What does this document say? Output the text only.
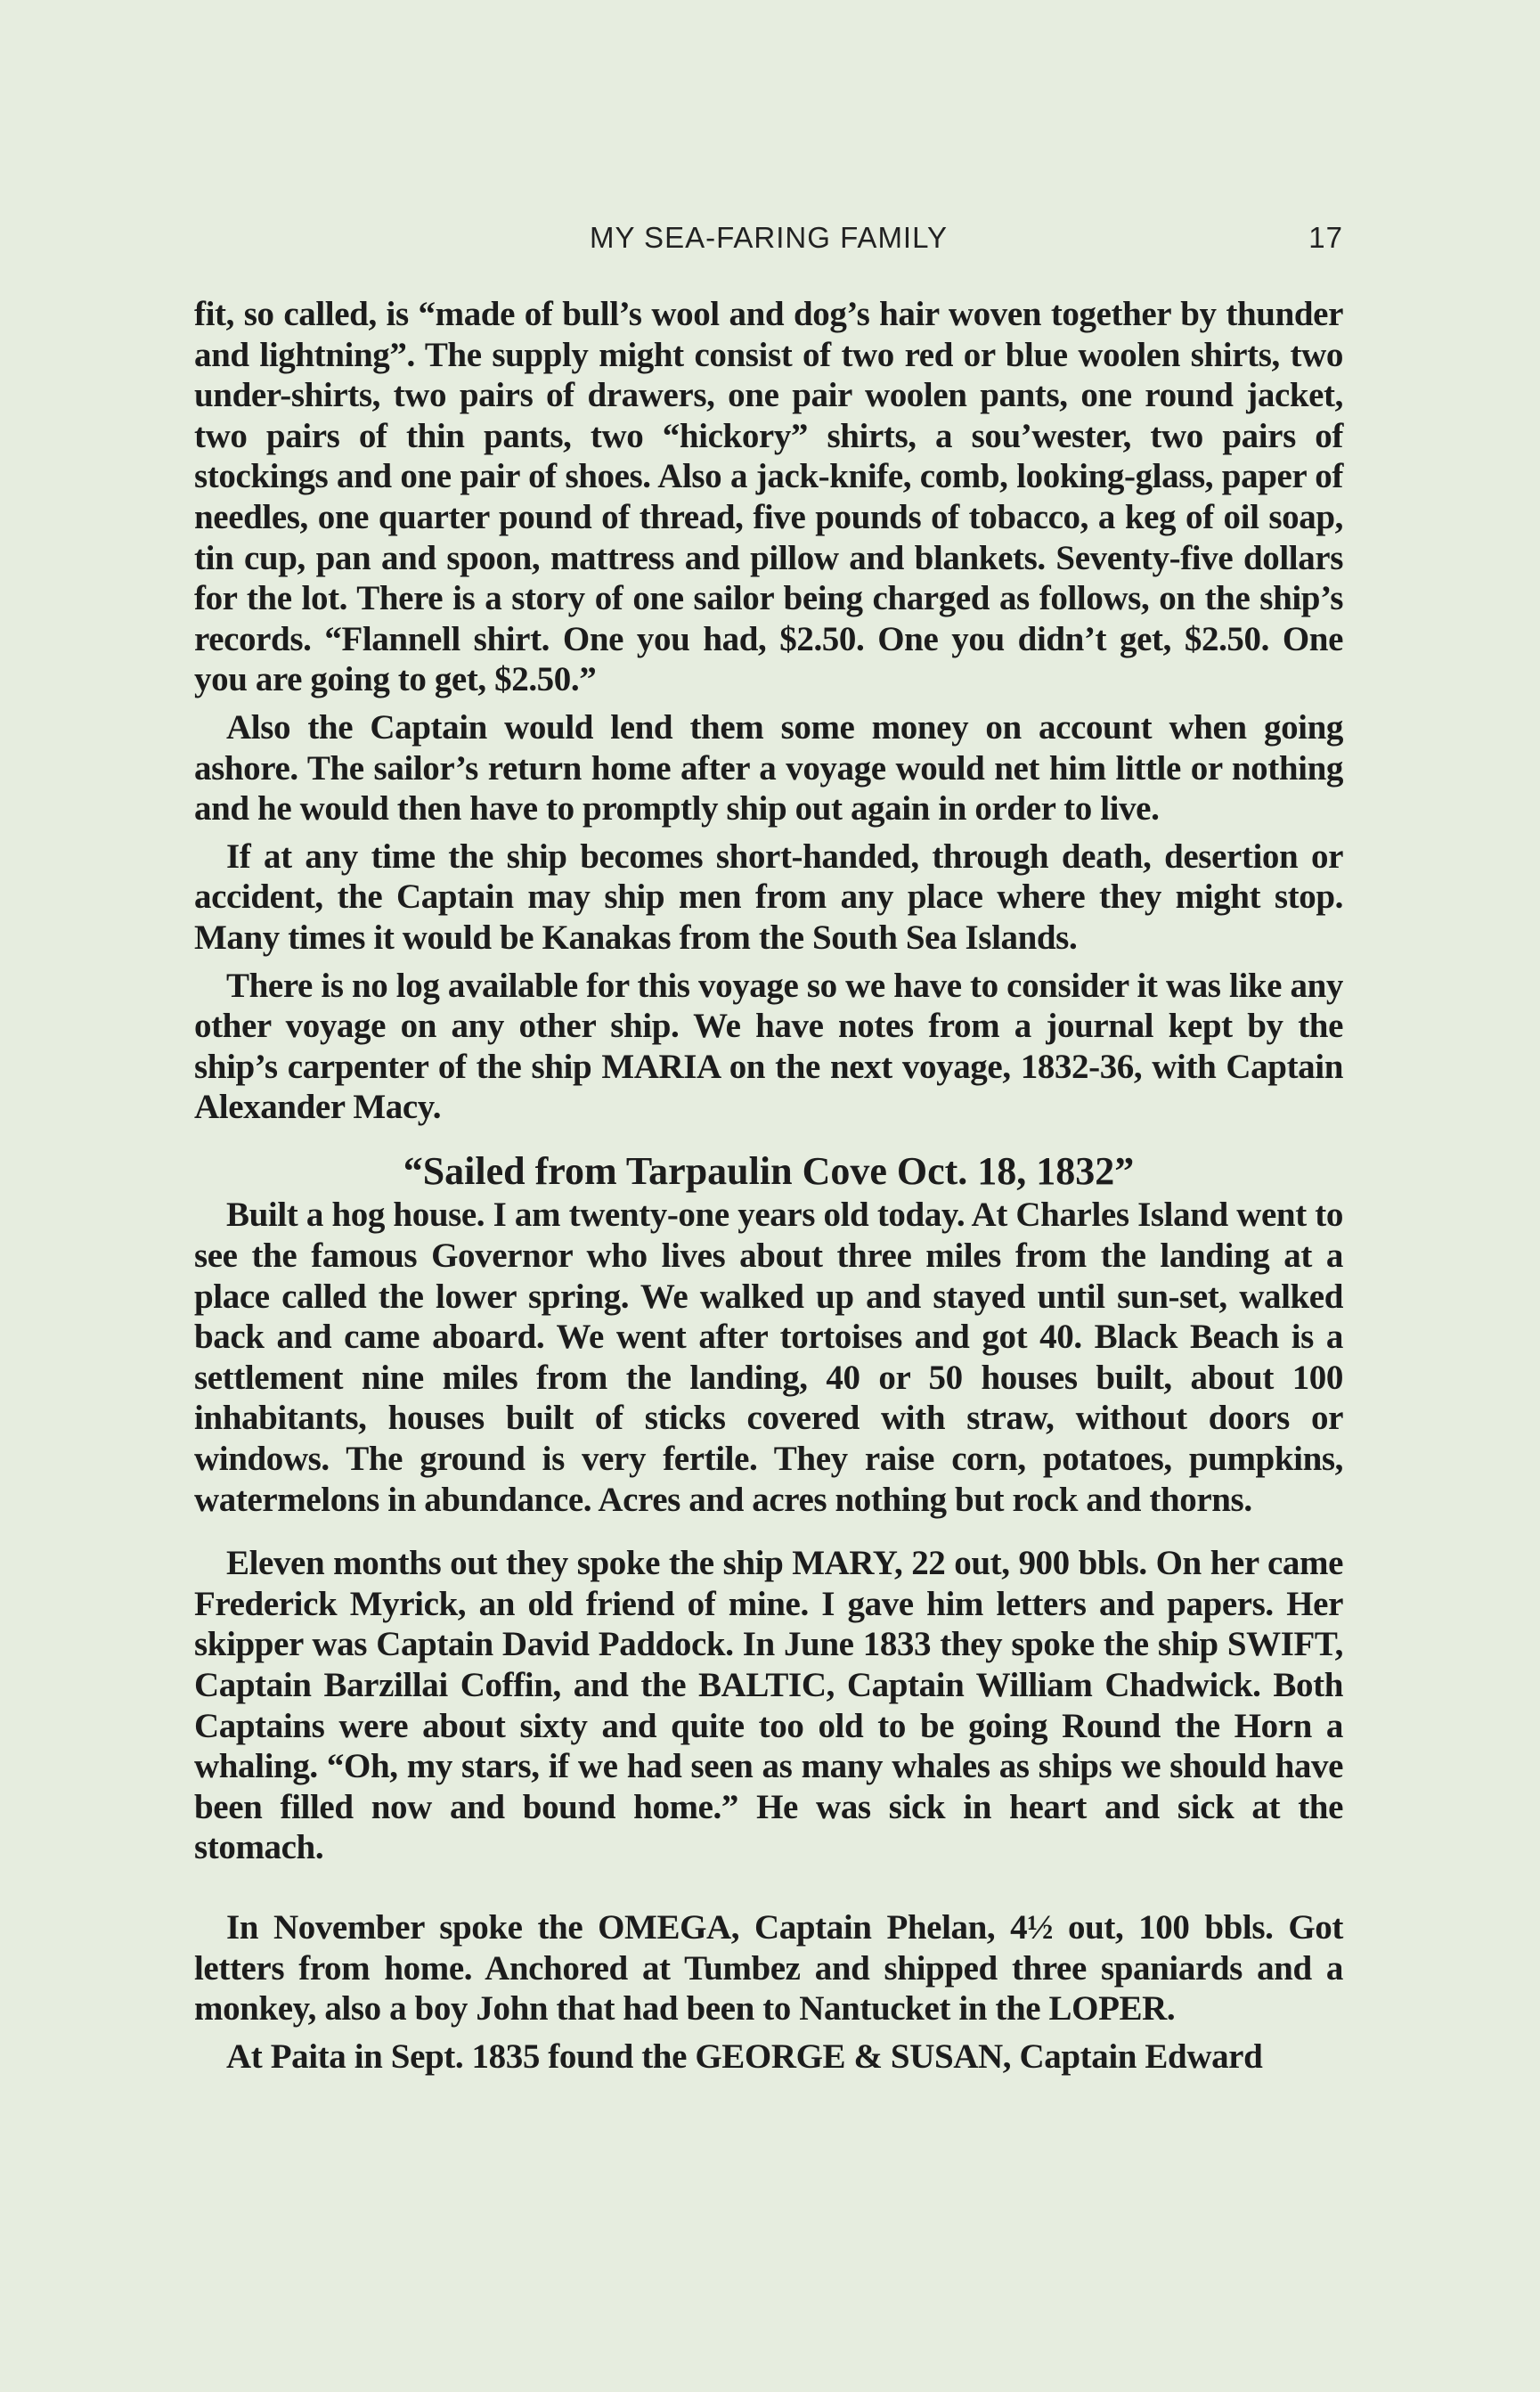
MY SEA-FARING FAMILY	17

fit, so called, is “made of bull’s wool and dog’s hair woven together by thunder and lightning”. The supply might consist of two red or blue woolen shirts, two under-shirts, two pairs of drawers, one pair woolen pants, one round jacket, two pairs of thin pants, two “hickory” shirts, a sou’wester, two pairs of stockings and one pair of shoes. Also a jack-knife, comb, looking-glass, paper of needles, one quarter pound of thread, five pounds of tobacco, a keg of oil soap, tin cup, pan and spoon, mattress and pillow and blankets. Seventy-five dollars for the lot. There is a story of one sailor being charged as follows, on the ship’s records. “Flannell shirt. One you had, $2.50. One you didn’t get, $2.50. One you are going to get, $2.50.”

Also the Captain would lend them some money on account when going ashore. The sailor’s return home after a voyage would net him little or nothing and he would then have to promptly ship out again in order to live.

If at any time the ship becomes short-handed, through death, desertion or accident, the Captain may ship men from any place where they might stop. Many times it would be Kanakas from the South Sea Islands.

There is no log available for this voyage so we have to consider it was like any other voyage on any other ship. We have notes from a journal kept by the ship’s carpenter of the ship MARIA on the next voyage, 1832-36, with Captain Alexander Macy.

“Sailed from Tarpaulin Cove Oct. 18, 1832”

Built a hog house. I am twenty-one years old today. At Charles Island went to see the famous Governor who lives about three miles from the landing at a place called the lower spring. We walked up and stayed until sun-set, walked back and came aboard. We went after tortoises and got 40. Black Beach is a settlement nine miles from the landing, 40 or 50 houses built, about 100 inhabitants, houses built of sticks covered with straw, without doors or windows. The ground is very fertile. They raise corn, potatoes, pumpkins, watermelons in abundance. Acres and acres nothing but rock and thorns.

Eleven months out they spoke the ship MARY, 22 out, 900 bbls. On her came Frederick Myrick, an old friend of mine. I gave him letters and papers. Her skipper was Captain David Paddock. In June 1833 they spoke the ship SWIFT, Captain Barzillai Coffin, and the BALTIC, Captain William Chadwick. Both Captains were about sixty and quite too old to be going Round the Horn a whaling. “Oh, my stars, if we had seen as many whales as ships we should have been filled now and bound home.” He was sick in heart and sick at the stomach.

In November spoke the OMEGA, Captain Phelan, 4½ out, 100 bbls. Got letters from home. Anchored at Tumbez and shipped three spaniards and a monkey, also a boy John that had been to Nantucket in the LOPER.

At Paita in Sept. 1835 found the GEORGE & SUSAN, Captain Edward
